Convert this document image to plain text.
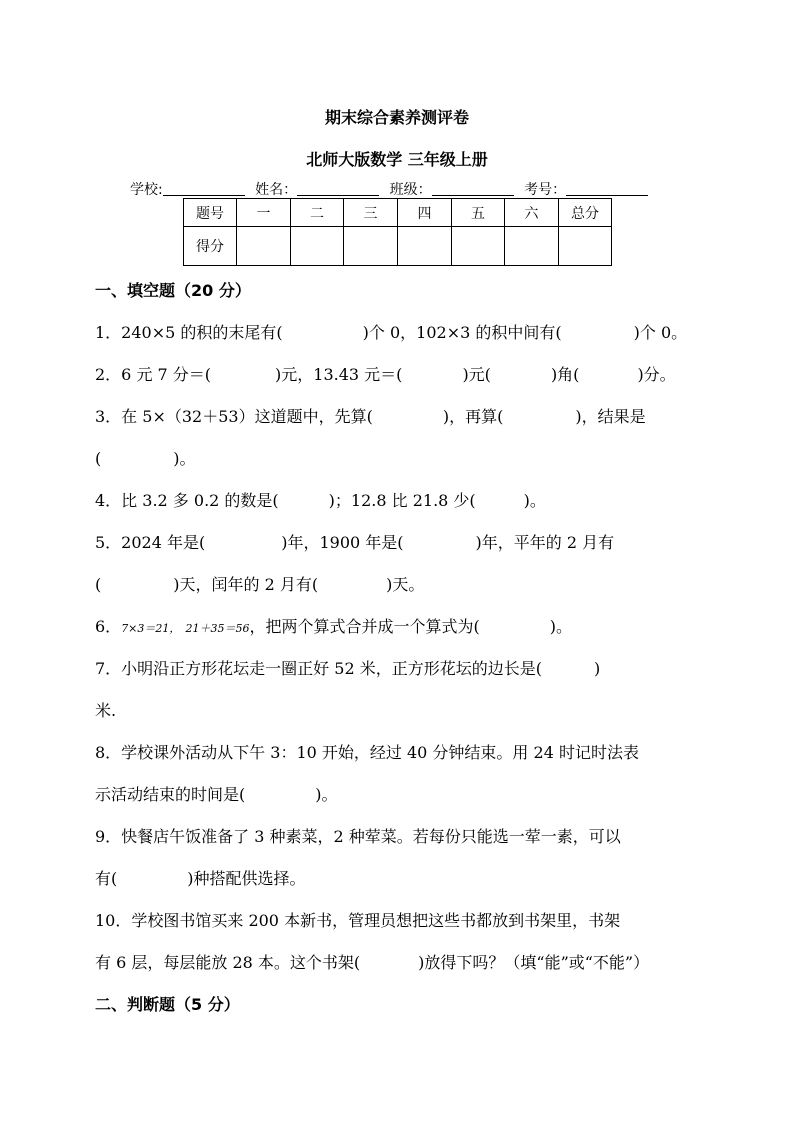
期末综合素养测评卷
北师大版数学 三年级上册
学校:	姓名：	班级：	考号：
题号	一	二	三	四	五	六	总分
得分							
一、填空题（20 分）
1．240×5 的积的末尾有(	)个 0，102×3 的积中间有(	)个 0。
2．6 元 7 分＝(	)元，13.43 元＝(	)元(	)角(	)分。
3．在 5×（32＋53）这道题中，先算(	)，再算(	)，结果是
(	)。
4．比 3.2 多 0.2 的数是(	)；12.8 比 21.8 少(	)。
5．2024 年是(	)年，1900 年是(	)年，平年的 2 月有
(	)天，闰年的 2 月有(	)天。
6．7×3＝21， 21＋35＝56，把两个算式合并成一个算式为(	)。
7．小明沿正方形花坛走一圈正好 52 米，正方形花坛的边长是(	)
米.
8．学校课外活动从下午 3：10 开始，经过 40 分钟结束。用 24 时记时法表
示活动结束的时间是(	)。
9．快餐店午饭准备了 3 种素菜，2 种荤菜。若每份只能选一荤一素，可以
有(	)种搭配供选择。
10．学校图书馆买来 200 本新书，管理员想把这些书都放到书架里，书架
有 6 层，每层能放 28 本。这个书架(	)放得下吗？（填“能”或“不能”）
二、判断题（5 分）
